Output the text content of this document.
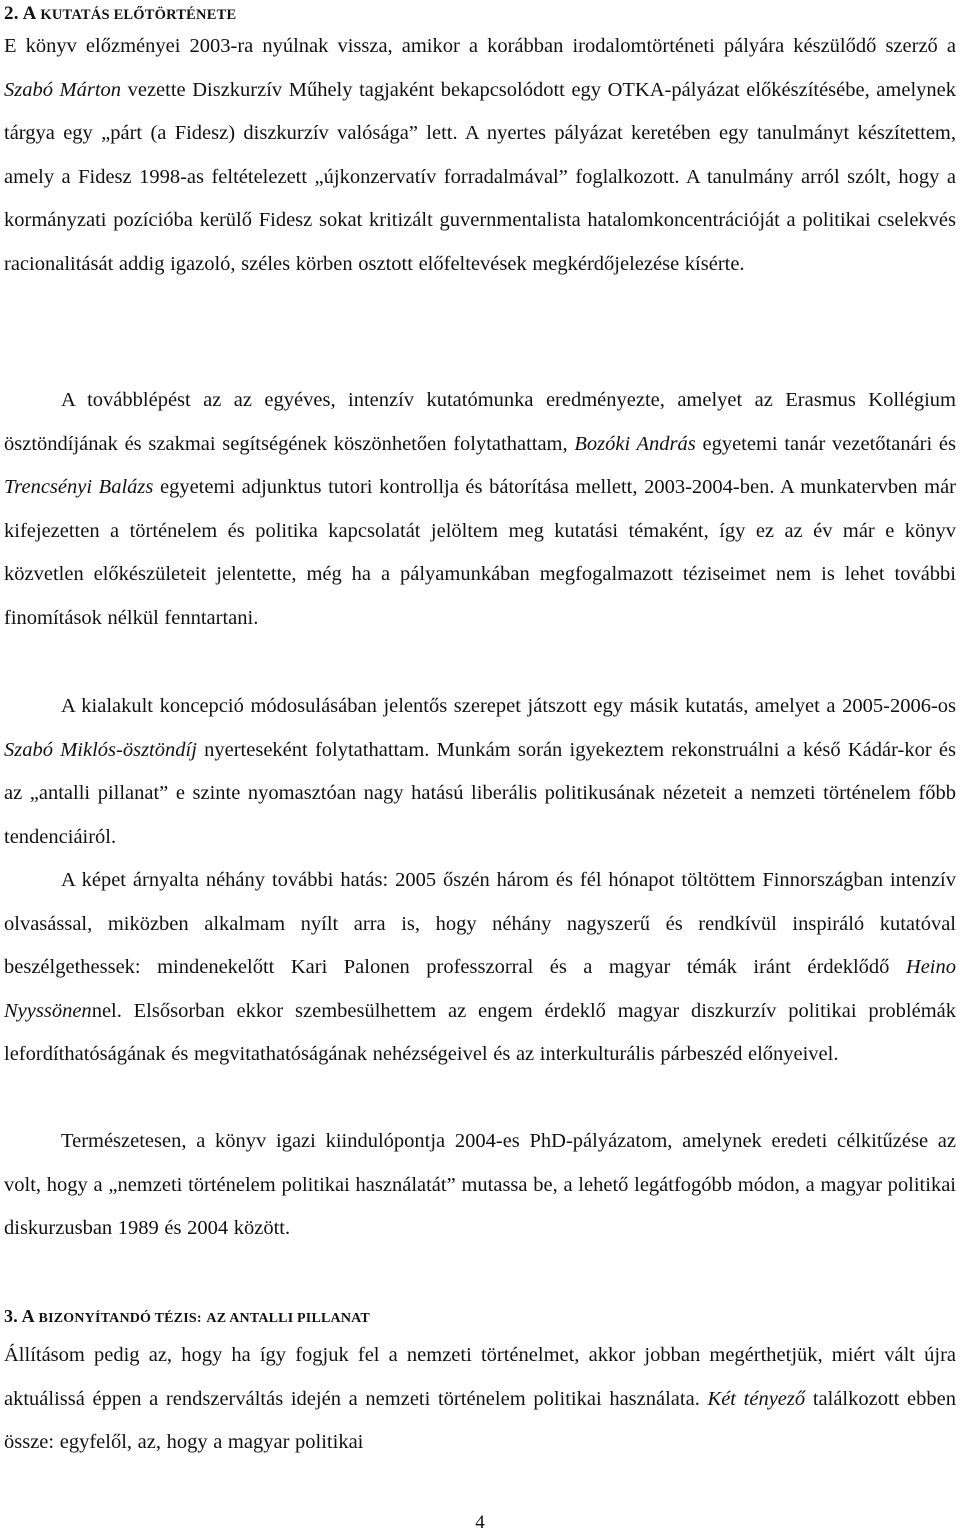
2. A KUTATÁS ELŐTÖRTÉNETE

E könyv előzményei 2003-ra nyúlnak vissza, amikor a korábban irodalomtörténeti pályára készülődő szerző a Szabó Márton vezette Diszkurzív Műhely tagjaként bekapcsolódott egy OTKA-pályázat előkészítésébe, amelynek tárgya egy „párt (a Fidesz) diszkurzív valósága” lett. A nyertes pályázat keretében egy tanulmányt készítettem, amely a Fidesz 1998-as feltételezett „újkonzervatív forradalmával” foglalkozott. A tanulmány arról szólt, hogy a kormányzati pozícióba kerülő Fidesz sokat kritizált guvernmentalista hatalomkoncentrációját a politikai cselekvés racionalitását addig igazoló, széles körben osztott előfeltevések megkérdőjelezése kísérte.

A továbblépést az az egyéves, intenzív kutatómunka eredményezte, amelyet az Erasmus Kollégium ösztöndíjának és szakmai segítségének köszönhetően folytathattam, Bozóki András egyetemi tanár vezetőtanári és Trencsényi Balázs egyetemi adjunktus tutori kontrollja és bátorítása mellett, 2003-2004-ben. A munkatervben már kifejezetten a történelem és politika kapcsolatát jelöltem meg kutatási témaként, így ez az év már e könyv közvetlen előkészületeit jelentette, még ha a pályamunkában megfogalmazott téziseimet nem is lehet további finomítások nélkül fenntartani.

A kialakult koncepció módosulásában jelentős szerepet játszott egy másik kutatás, amelyet a 2005-2006-os Szabó Miklós-ösztöndíj nyerteseként folytathattam. Munkám során igyekeztem rekonstruálni a késő Kádár-kor és az „antalli pillanat” e szinte nyomasztóan nagy hatású liberális politikusának nézeteit a nemzeti történelem főbb tendenciáiról.

A képet árnyalta néhány további hatás: 2005 őszén három és fél hónapot töltöttem Finnországban intenzív olvasással, miközben alkalmam nyílt arra is, hogy néhány nagyszerű és rendkívül inspiráló kutatóval beszélgethessek: mindenekelőtt Kari Palonen professzorral és a magyar témák iránt érdeklődő Heino Nyyssönennel. Elsősorban ekkor szembesülhettem az engem érdeklő magyar diszkurzív politikai problémák lefordíthatóságának és megvitathatóságának nehézségeivel és az interkulturális párbeszéd előnyeivel.

Természetesen, a könyv igazi kiindulópontja 2004-es PhD-pályázatom, amelynek eredeti célkitűzése az volt, hogy a „nemzeti történelem politikai használatát” mutassa be, a lehető legátfogóbb módon, a magyar politikai diskurzusban 1989 és 2004 között.

3. A BIZONYÍTANDÓ TÉZIS: AZ ANTALLI PILLANAT

Állításom pedig az, hogy ha így fogjuk fel a nemzeti történelmet, akkor jobban megérthetjük, miért vált újra aktuálissá éppen a rendszerváltás idején a nemzeti történelem politikai használata. Két tényező találkozott ebben össze: egyfelől, az, hogy a magyar politikai

4
